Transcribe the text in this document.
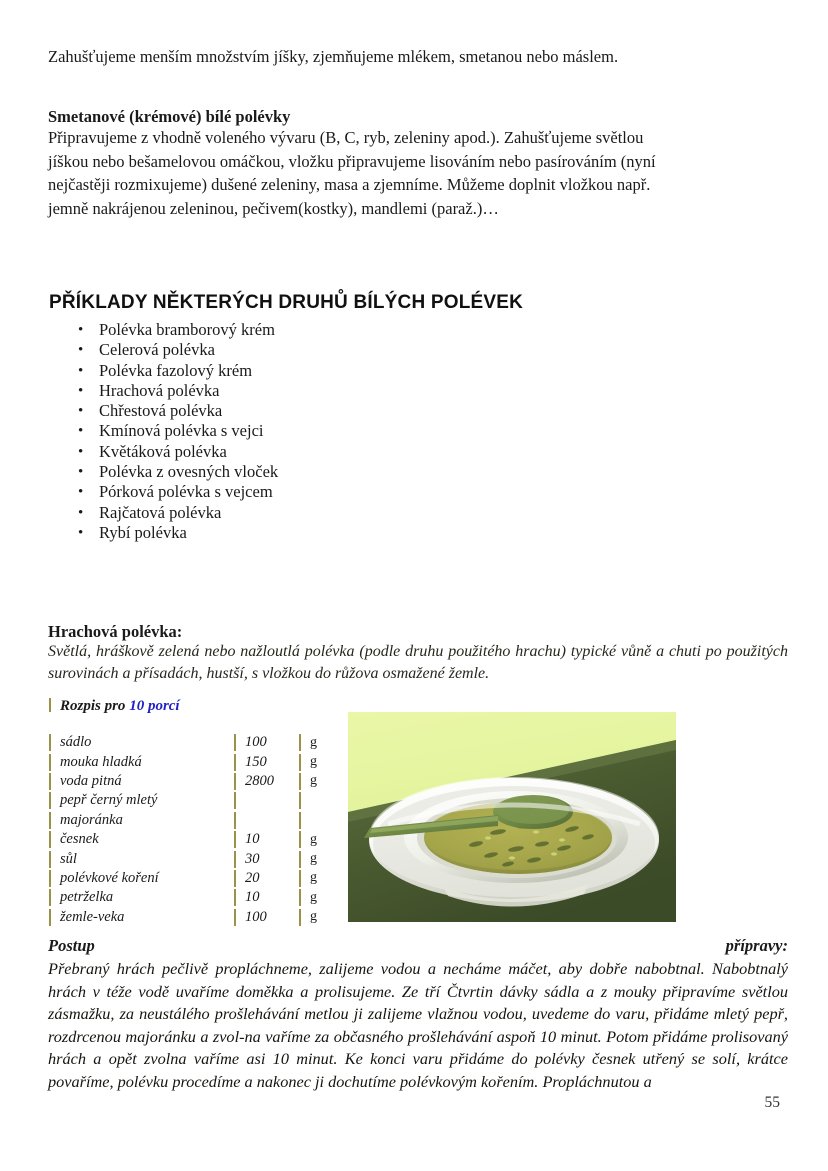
Zahušťujeme menším množstvím jíšky, zjemňujeme mlékem, smetanou nebo máslem.
Smetanové (krémové) bílé polévky

Připravujeme z vhodně voleného vývaru (B, C, ryb, zeleniny apod.). Zahušťujeme světlou jíškou nebo bešamelovou omáčkou, vložku připravujeme lisováním nebo pasírováním (nyní nejčastěji rozmixujeme) dušené zeleniny, masa a zjemníme. Můžeme doplnit vložkou např. jemně nakrájenou zeleninou, pečivem(kostky), mandlemi (paraž.)…

PŘÍKLADY NĚKTERÝCH DRUHŮ BÍLÝCH POLÉVEK
• Polévka bramborový krém
• Celerová polévka
• Polévka fazolový krém
• Hrachová polévka
• Chřestová polévka
• Kmínová polévka s vejci
• Květáková polévka
• Polévka z ovesných vloček
• Pórková polévka s vejcem
• Rajčatová polévka
• Rybí polévka
Hrachová polévka:

Světlá, hráškově zelená nebo nažloutlá polévka (podle druhu použitého hrachu) typické vůně a chuti po použitých surovinách a přísadách, hustší, s vložkou do růžova osmažené žemle.

Rozpis pro 10 porcí
	sádlo		100		g

	mouka hladká		150		g

	voda pitná		2800		g

	pepř černý mletý	

	majoránka	

	česnek		10		g

	sůl		30		g

	polévkové koření		20		g

	petrželka		10		g

	žemle-veka		100		g
Postup	přípravy:

Přebraný hrách pečlivě propláchneme, zalijeme vodou a necháme máčet, aby dobře nabobtnal. Nabobtnalý hrách v téže vodě uvaříme doměkka a prolisujeme. Ze tří Čtvrtin dávky sádla a z mouky připravíme světlou zásmažku, za neustálého prošlehávání metlou ji zalijeme vlažnou vodou, uvedeme do varu, přidáme mletý pepř, rozdrcenou majoránku a zvol-na vaříme za občasného prošlehávání aspoň 10 minut. Potom přidáme prolisovaný hrách a opět zvolna vaříme asi 10 minut. Ke konci varu přidáme do polévky česnek utřený se solí, krátce povaříme, polévku procedíme a nakonec ji dochutíme polévkovým kořením. Propláchnutou a

55
